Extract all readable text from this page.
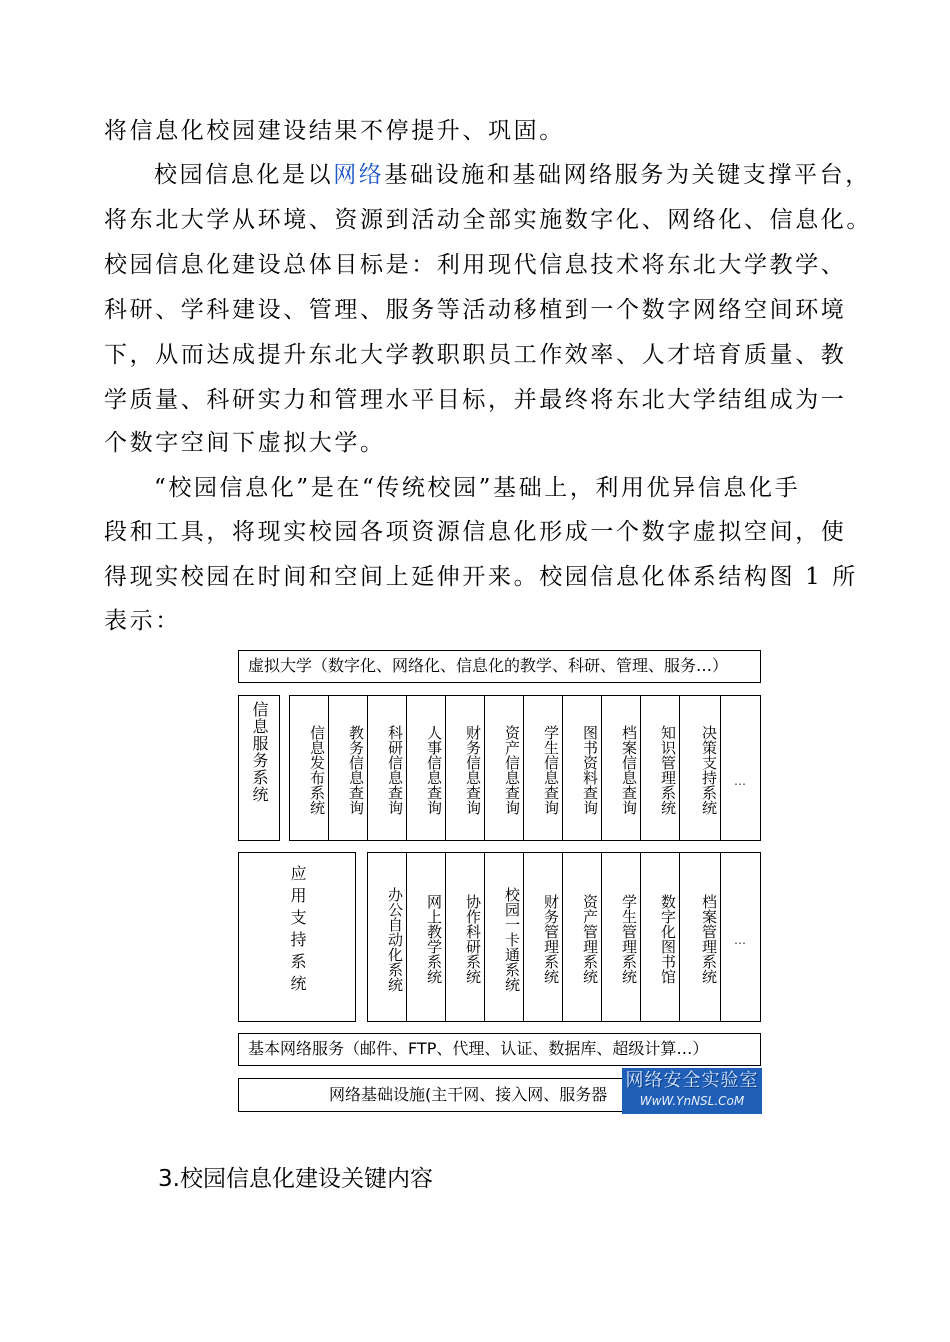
将信息化校园建设结果不停提升、巩固。
校园信息化是以网络基础设施和基础网络服务为关键支撑平台，
将东北大学从环境、资源到活动全部实施数字化、网络化、信息化。
校园信息化建设总体目标是：利用现代信息技术将东北大学教学、
科研、学科建设、管理、服务等活动移植到一个数字网络空间环境
下，从而达成提升东北大学教职职员工作效率、人才培育质量、教
学质量、科研实力和管理水平目标，并最终将东北大学结组成为一
个数字空间下虚拟大学。
“校园信息化”是在“传统校园”基础上，利用优异信息化手
段和工具，将现实校园各项资源信息化形成一个数字虚拟空间，使
得现实校园在时间和空间上延伸开来。校园信息化体系结构图 1 所
表示：
虚拟大学（数字化、网络化、信息化的教学、科研、管理、服务…）
信息服务系统	信息发布系统	教务信息查询	科研信息查询	人事信息查询	财务信息查询	资产信息查询	学生信息查询	图书资料查询	档案信息查询	知识管理系统	决策支持系统 …
应用支持系统	办公自动化系统	网上教学系统	协作科研系统	校园一卡通系统	财务管理系统	资产管理系统	学生管理系统	数字化图书馆	档案管理系统 …
基本网络服务（邮件、FTP、代理、认证、数据库、超级计算…）
网络基础设施(主干网、接入网、服务器
网络安全实验室
WwW.YnNSL.CoM
3.校园信息化建设关键内容
